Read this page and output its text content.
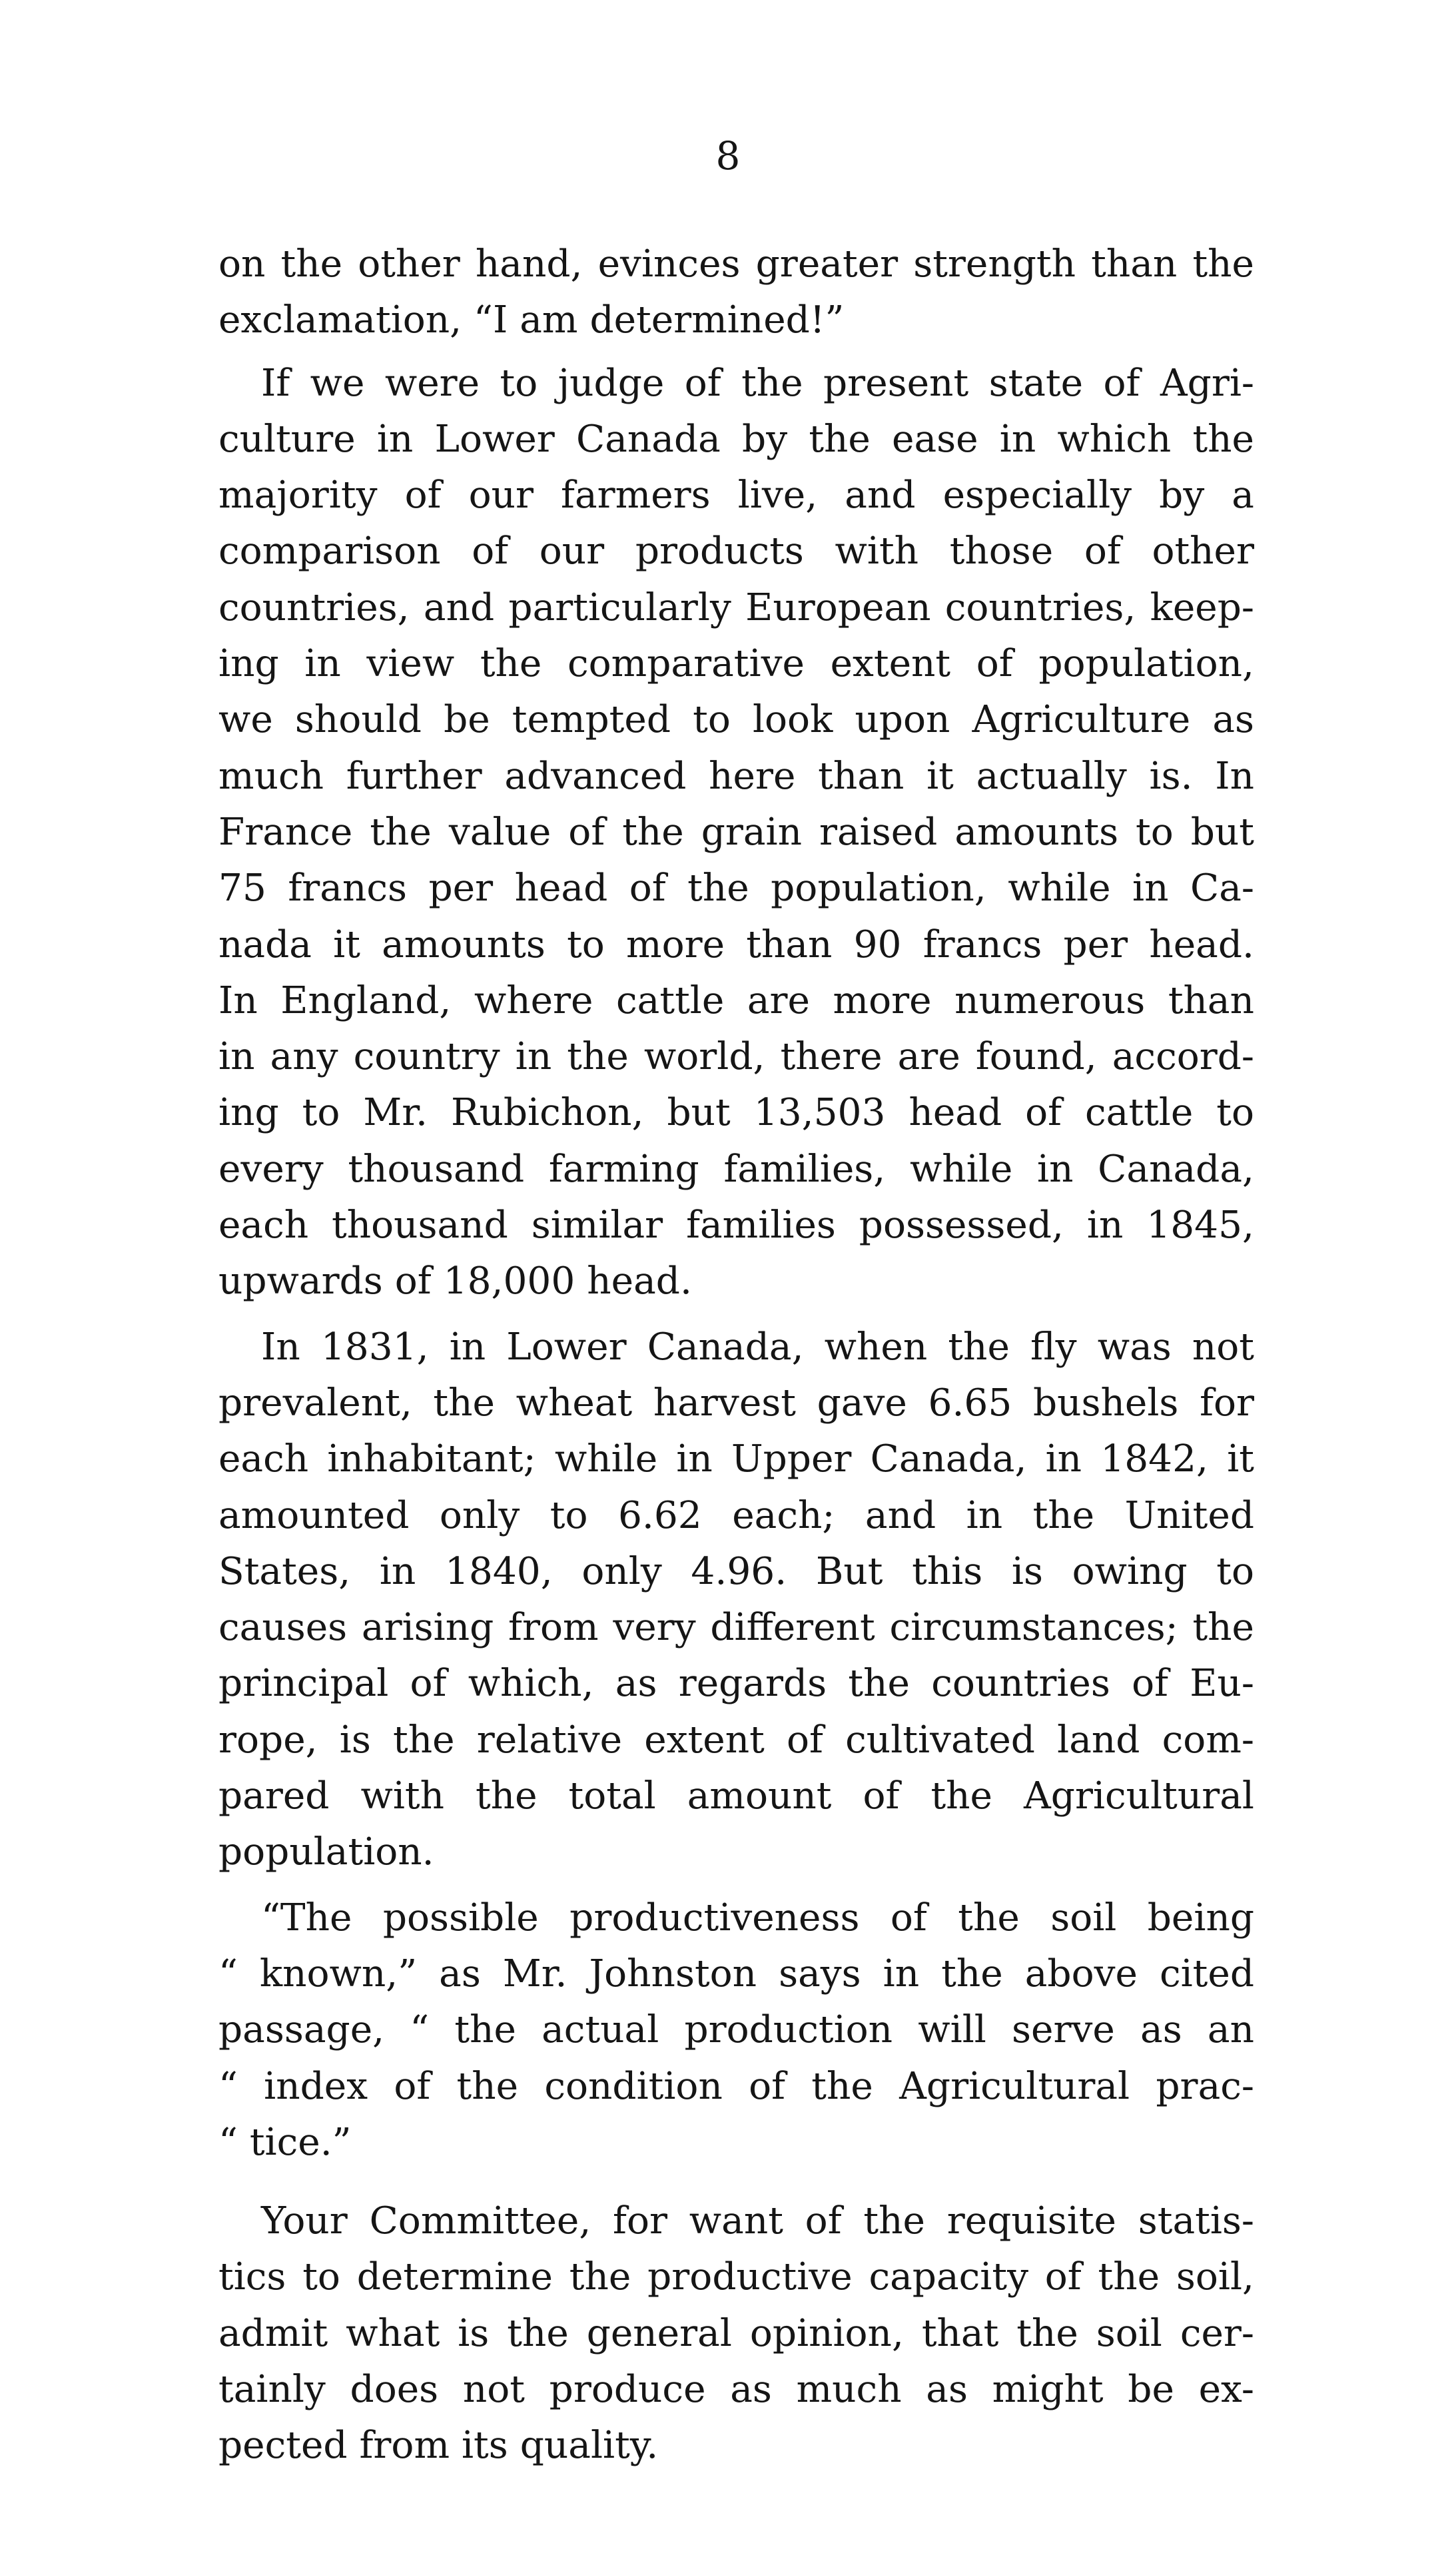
8
on the other hand, evinces greater strength than the
exclamation, “I am determined!”
If we were to judge of the present state of Agri-
culture in Lower Canada by the ease in which the
majority of our farmers live, and especially by a
comparison of our products with those of other
countries, and particularly European countries, keep-
ing in view the comparative extent of population,
we should be tempted to look upon Agriculture as
much further advanced here than it actually is. In
France the value of the grain raised amounts to but
75 francs per head of the population, while in Ca-
nada it amounts to more than 90 francs per head.
In England, where cattle are more numerous than
in any country in the world, there are found, accord-
ing to Mr. Rubichon, but 13,503 head of cattle to
every thousand farming families, while in Canada,
each thousand similar families possessed, in 1845,
upwards of 18,000 head.
In 1831, in Lower Canada, when the fly was not
prevalent, the wheat harvest gave 6.65 bushels for
each inhabitant; while in Upper Canada, in 1842, it
amounted only to 6.62 each; and in the United
States, in 1840, only 4.96. But this is owing to
causes arising from very different circumstances; the
principal of which, as regards the countries of Eu-
rope, is the relative extent of cultivated land com-
pared with the total amount of the Agricultural
population.
“The possible productiveness of the soil being
“ known,” as Mr. Johnston says in the above cited
passage, “ the actual production will serve as an
“ index of the condition of the Agricultural prac-
“ tice.”
Your Committee, for want of the requisite statis-
tics to determine the productive capacity of the soil,
admit what is the general opinion, that the soil cer-
tainly does not produce as much as might be ex-
pected from its quality.
